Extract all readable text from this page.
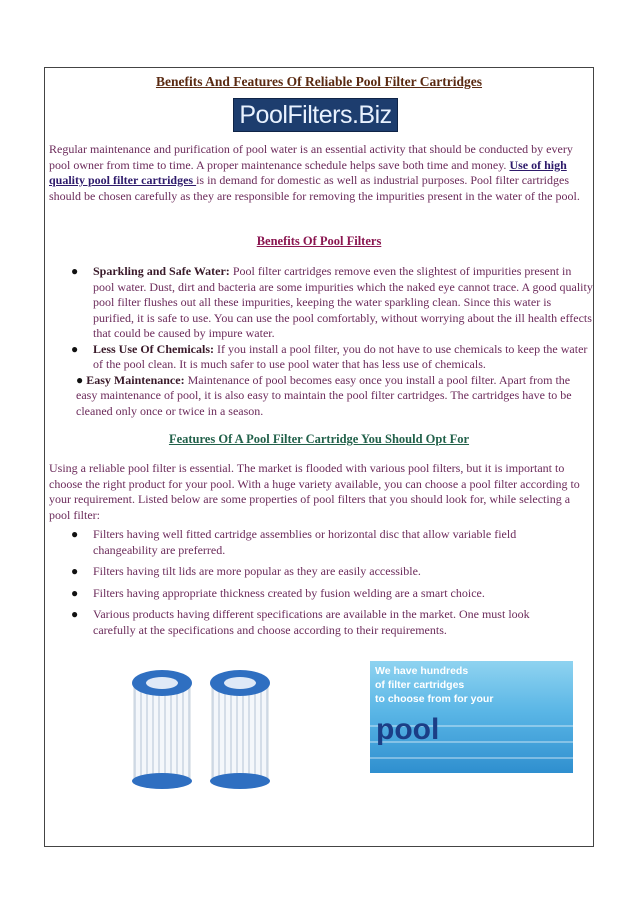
Benefits And Features Of Reliable Pool Filter Cartridges
PoolFilters.Biz

Regular maintenance and purification of pool water is an essential activity that should be conducted by every pool owner from time to time. A proper maintenance schedule helps save both time and money. Use of high quality pool filter cartridges is in demand for domestic as well as industrial purposes. Pool filter cartridges should be chosen carefully as they are responsible for removing the impurities present in the water of the pool.

Benefits Of Pool Filters
● Sparkling and Safe Water: Pool filter cartridges remove even the slightest of impurities present in pool water. Dust, dirt and bacteria are some impurities which the naked eye cannot trace. A good quality pool filter flushes out all these impurities, keeping the water sparkling clean. Since this water is purified, it is safe to use. You can use the pool comfortably, without worrying about the ill health effects that could be caused by impure water.
● Less Use Of Chemicals: If you install a pool filter, you do not have to use chemicals to keep the water of the pool clean. It is much safer to use pool water that has less use of chemicals.
● Easy Maintenance: Maintenance of pool becomes easy once you install a pool filter. Apart from the easy maintenance of pool, it is also easy to maintain the pool filter cartridges. The cartridges have to be cleaned only once or twice in a season.
Features Of A Pool Filter Cartridge You Should Opt For

Using a reliable pool filter is essential. The market is flooded with various pool filters, but it is important to choose the right product for your pool. With a huge variety available, you can choose a pool filter according to your requirement. Listed below are some properties of pool filters that you should look for, while selecting a pool filter:

● Filters having well fitted cartridge assemblies or horizontal disc that allow variable field changeability are preferred.
● Filters having tilt lids are more popular as they are easily accessible.
● Filters having appropriate thickness created by fusion welding are a smart choice.
● Various products having different specifications are available in the market. One must look carefully at the specifications and choose according to their requirements.
We have hundreds
of filter cartridges
to choose from for your
pool
